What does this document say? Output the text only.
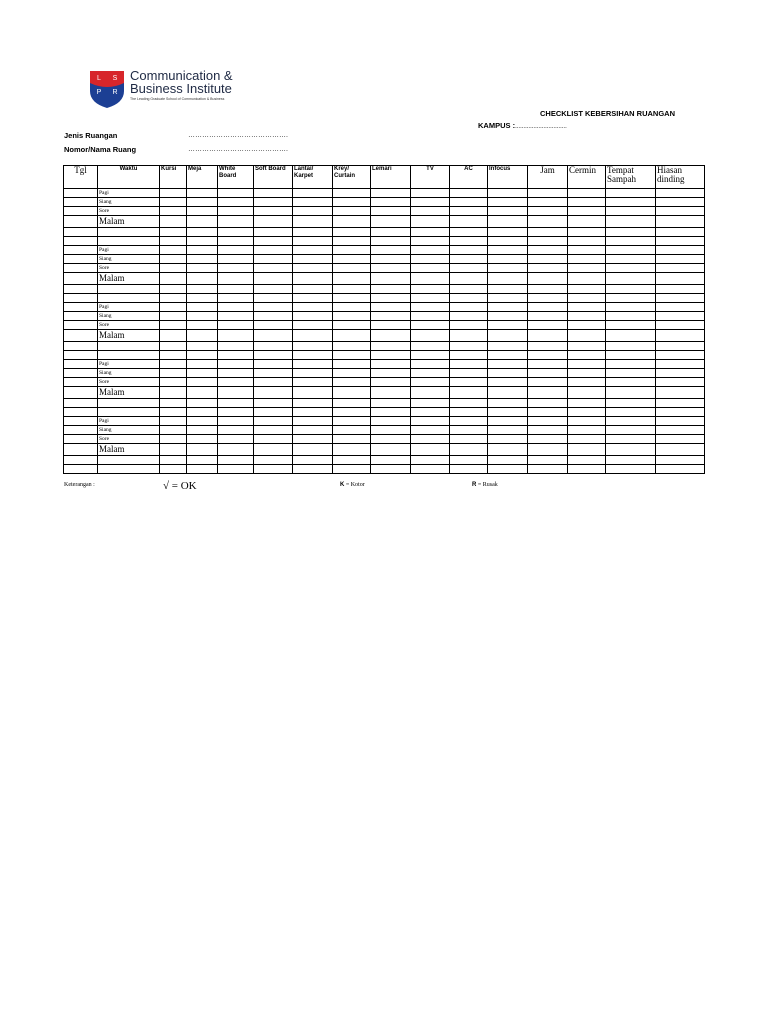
L S
P R
Communication &
Business Institute
The Leading Graduate School of Communication & Business
CHECKLIST KEBERSIHAN RUANGAN
KAMPUS :...............................
Jenis Ruangan	…………………………………….
Nomor/Nama Ruang	…………………………………….
Tgl	Waktu	Kursi	Meja	White Board	Soft Board	Lantai/ Karpet	Krey/ Curtain	Lemari	TV	AC	Infocus	Jam	Cermin	Tempat Sampah	Hiasan dinding
	Pagi														
	Siang														
	Sore														
	Malam														

	Pagi														
	Siang														
	Sore														
	Malam														

	Pagi														
	Siang														
	Sore														
	Malam														

	Pagi														
	Siang														
	Sore														
	Malam														

	Pagi														
	Siang														
	Sore														
	Malam														

Keterangan :	√ = OK	K = Kotor	R = Rusak
